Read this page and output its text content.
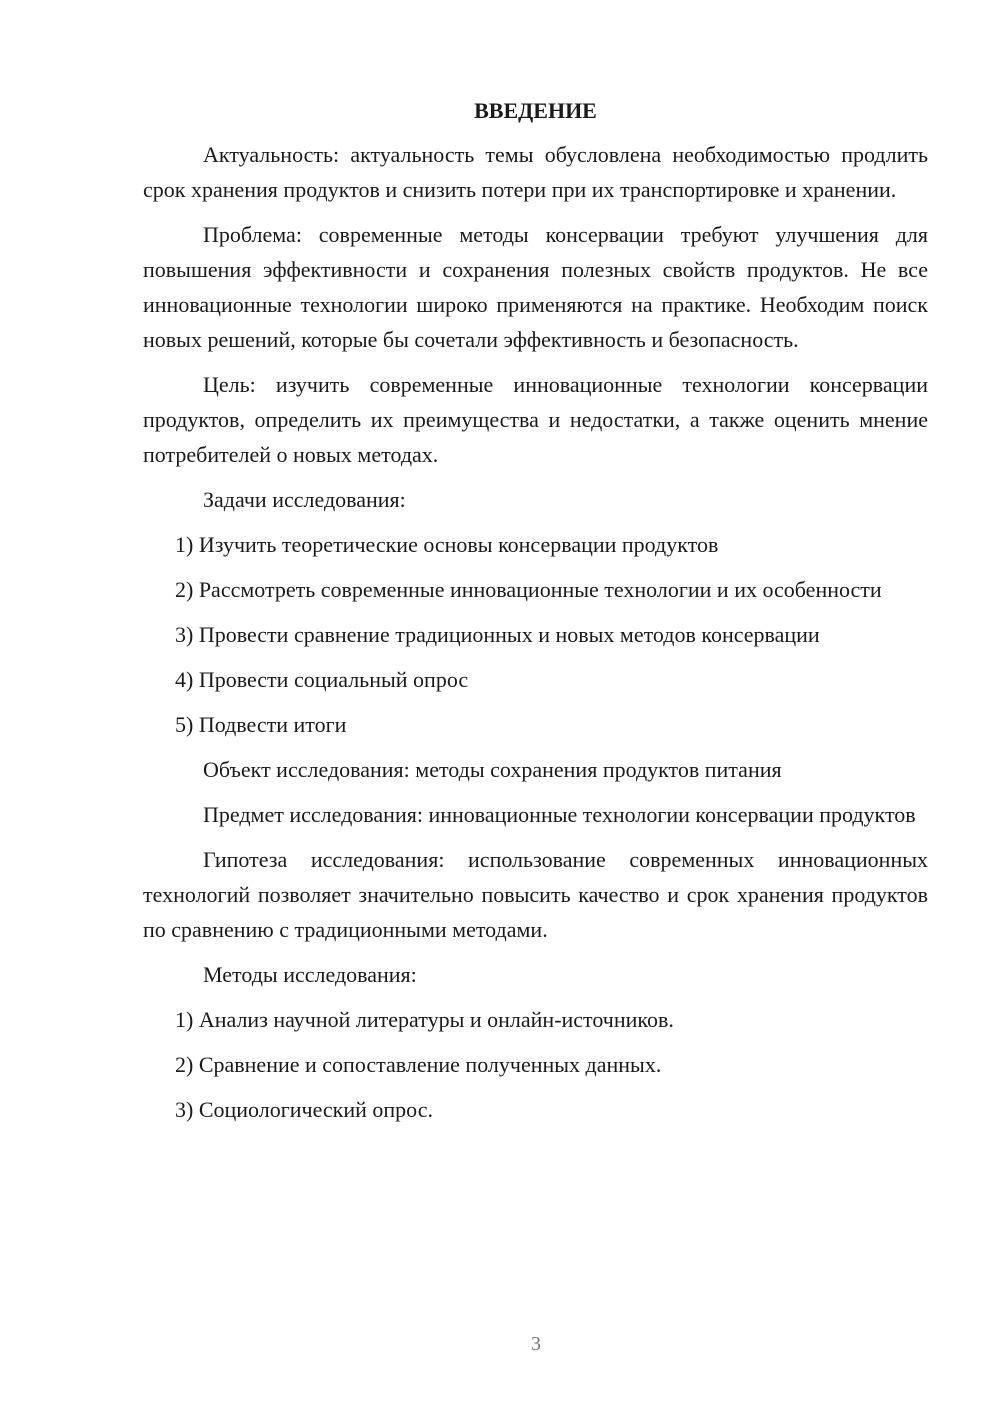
ВВЕДЕНИЕ

Актуальность: актуальность темы обусловлена необходимостью продлить срок хранения продуктов и снизить потери при их транспортировке и хранении.

Проблема: современные методы консервации требуют улучшения для повышения эффективности и сохранения полезных свойств продуктов. Не все инновационные технологии широко применяются на практике. Необходим поиск новых решений, которые бы сочетали эффективность и безопасность.

Цель: изучить современные инновационные технологии консервации продуктов, определить их преимущества и недостатки, а также оценить мнение потребителей о новых методах.

Задачи исследования:

1) Изучить теоретические основы консервации продуктов

2) Рассмотреть современные инновационные технологии и их особенности

3) Провести сравнение традиционных и новых методов консервации

4) Провести социальный опрос

5) Подвести итоги

Объект исследования: методы сохранения продуктов питания

Предмет исследования: инновационные технологии консервации продуктов

Гипотеза исследования: использование современных инновационных технологий позволяет значительно повысить качество и срок хранения продуктов по сравнению с традиционными методами.

Методы исследования:

1) Анализ научной литературы и онлайн-источников.

2) Сравнение и сопоставление полученных данных.

3) Социологический опрос.

3
